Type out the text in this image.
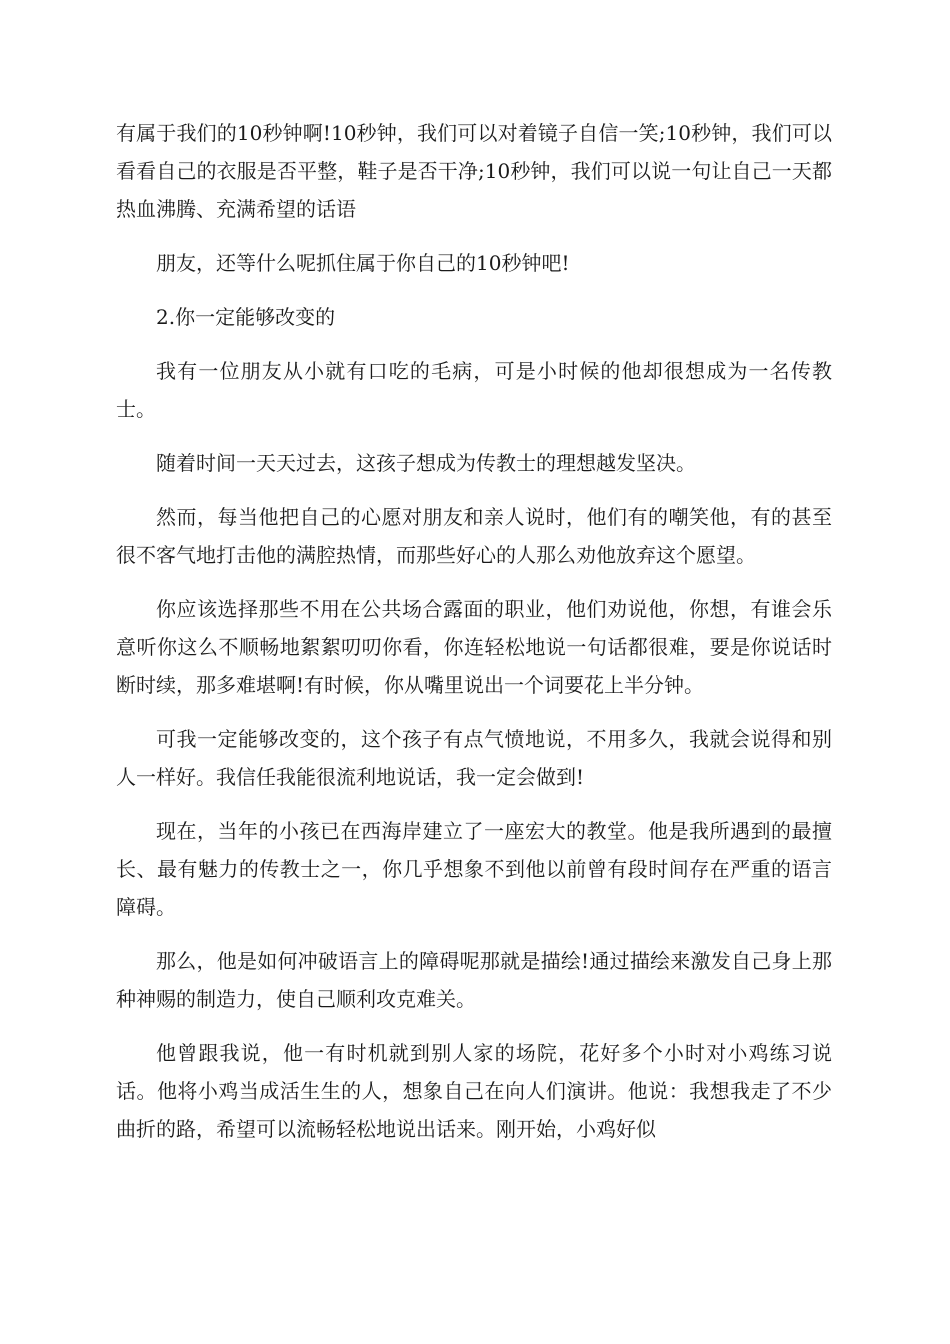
有属于我们的10秒钟啊!10秒钟，我们可以对着镜子自信一笑;10秒钟，我们可以看看自己的衣服是否平整，鞋子是否干净;10秒钟，我们可以说一句让自己一天都热血沸腾、充满希望的话语

朋友，还等什么呢抓住属于你自己的10秒钟吧!

2.你一定能够改变的

我有一位朋友从小就有口吃的毛病，可是小时候的他却很想成为一名传教士。

随着时间一天天过去，这孩子想成为传教士的理想越发坚决。

然而，每当他把自己的心愿对朋友和亲人说时，他们有的嘲笑他，有的甚至很不客气地打击他的满腔热情，而那些好心的人那么劝他放弃这个愿望。

你应该选择那些不用在公共场合露面的职业，他们劝说他，你想，有谁会乐意听你这么不顺畅地絮絮叨叨你看，你连轻松地说一句话都很难，要是你说话时断时续，那多难堪啊!有时候，你从嘴里说出一个词要花上半分钟。

可我一定能够改变的，这个孩子有点气愤地说，不用多久，我就会说得和别人一样好。我信任我能很流利地说话，我一定会做到!

现在，当年的小孩已在西海岸建立了一座宏大的教堂。他是我所遇到的最擅长、最有魅力的传教士之一，你几乎想象不到他以前曾有段时间存在严重的语言障碍。

那么，他是如何冲破语言上的障碍呢那就是描绘!通过描绘来激发自己身上那种神赐的制造力，使自己顺利攻克难关。

他曾跟我说，他一有时机就到别人家的场院，花好多个小时对小鸡练习说话。他将小鸡当成活生生的人，想象自己在向人们演讲。他说：我想我走了不少曲折的路，希望可以流畅轻松地说出话来。刚开始，小鸡好似
